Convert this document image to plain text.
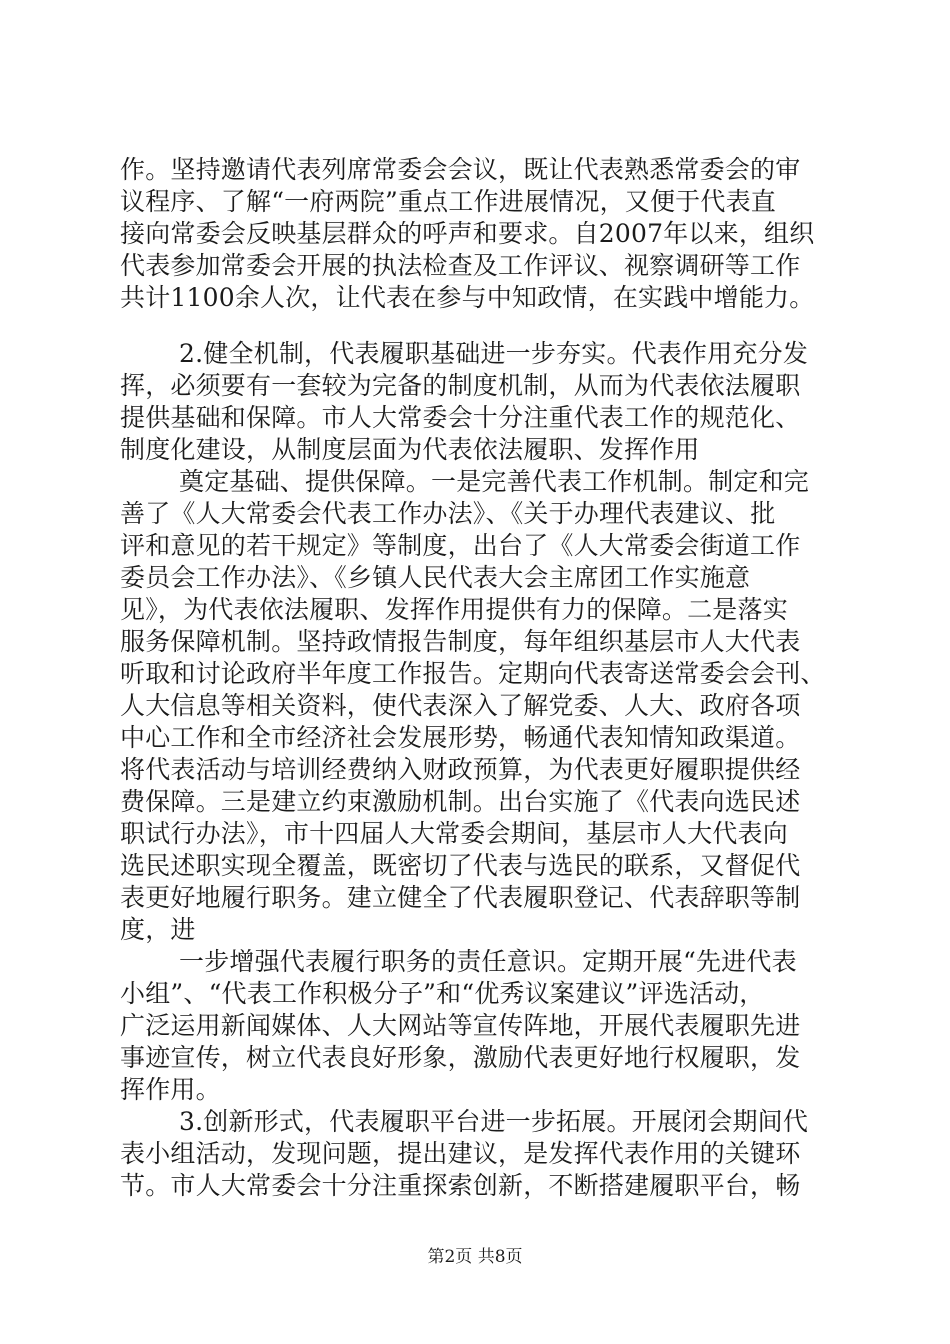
作。坚持邀请代表列席常委会会议，既让代表熟悉常委会的审
议程序、了解“一府两院”重点工作进展情况，又便于代表直
接向常委会反映基层群众的呼声和要求。自2007年以来，组织
代表参加常委会开展的执法检查及工作评议、视察调研等工作
共计1100余人次，让代表在参与中知政情，在实践中增能力。
2.健全机制，代表履职基础进一步夯实。代表作用充分发
挥，必须要有一套较为完备的制度机制，从而为代表依法履职
提供基础和保障。市人大常委会十分注重代表工作的规范化、
制度化建设，从制度层面为代表依法履职、发挥作用
奠定基础、提供保障。一是完善代表工作机制。制定和完
善了《人大常委会代表工作办法》、《关于办理代表建议、批
评和意见的若干规定》等制度，出台了《人大常委会街道工作
委员会工作办法》、《乡镇人民代表大会主席团工作实施意
见》，为代表依法履职、发挥作用提供有力的保障。二是落实
服务保障机制。坚持政情报告制度，每年组织基层市人大代表
听取和讨论政府半年度工作报告。定期向代表寄送常委会会刊、
人大信息等相关资料，使代表深入了解党委、人大、政府各项
中心工作和全市经济社会发展形势，畅通代表知情知政渠道。
将代表活动与培训经费纳入财政预算，为代表更好履职提供经
费保障。三是建立约束激励机制。出台实施了《代表向选民述
职试行办法》，市十四届人大常委会期间，基层市人大代表向
选民述职实现全覆盖，既密切了代表与选民的联系，又督促代
表更好地履行职务。建立健全了代表履职登记、代表辞职等制
度，进
一步增强代表履行职务的责任意识。定期开展“先进代表
小组”、“代表工作积极分子”和“优秀议案建议”评选活动，
广泛运用新闻媒体、人大网站等宣传阵地，开展代表履职先进
事迹宣传，树立代表良好形象，激励代表更好地行权履职，发
挥作用。
3.创新形式，代表履职平台进一步拓展。开展闭会期间代
表小组活动，发现问题，提出建议，是发挥代表作用的关键环
节。市人大常委会十分注重探索创新，不断搭建履职平台，畅
第2页 共8页
